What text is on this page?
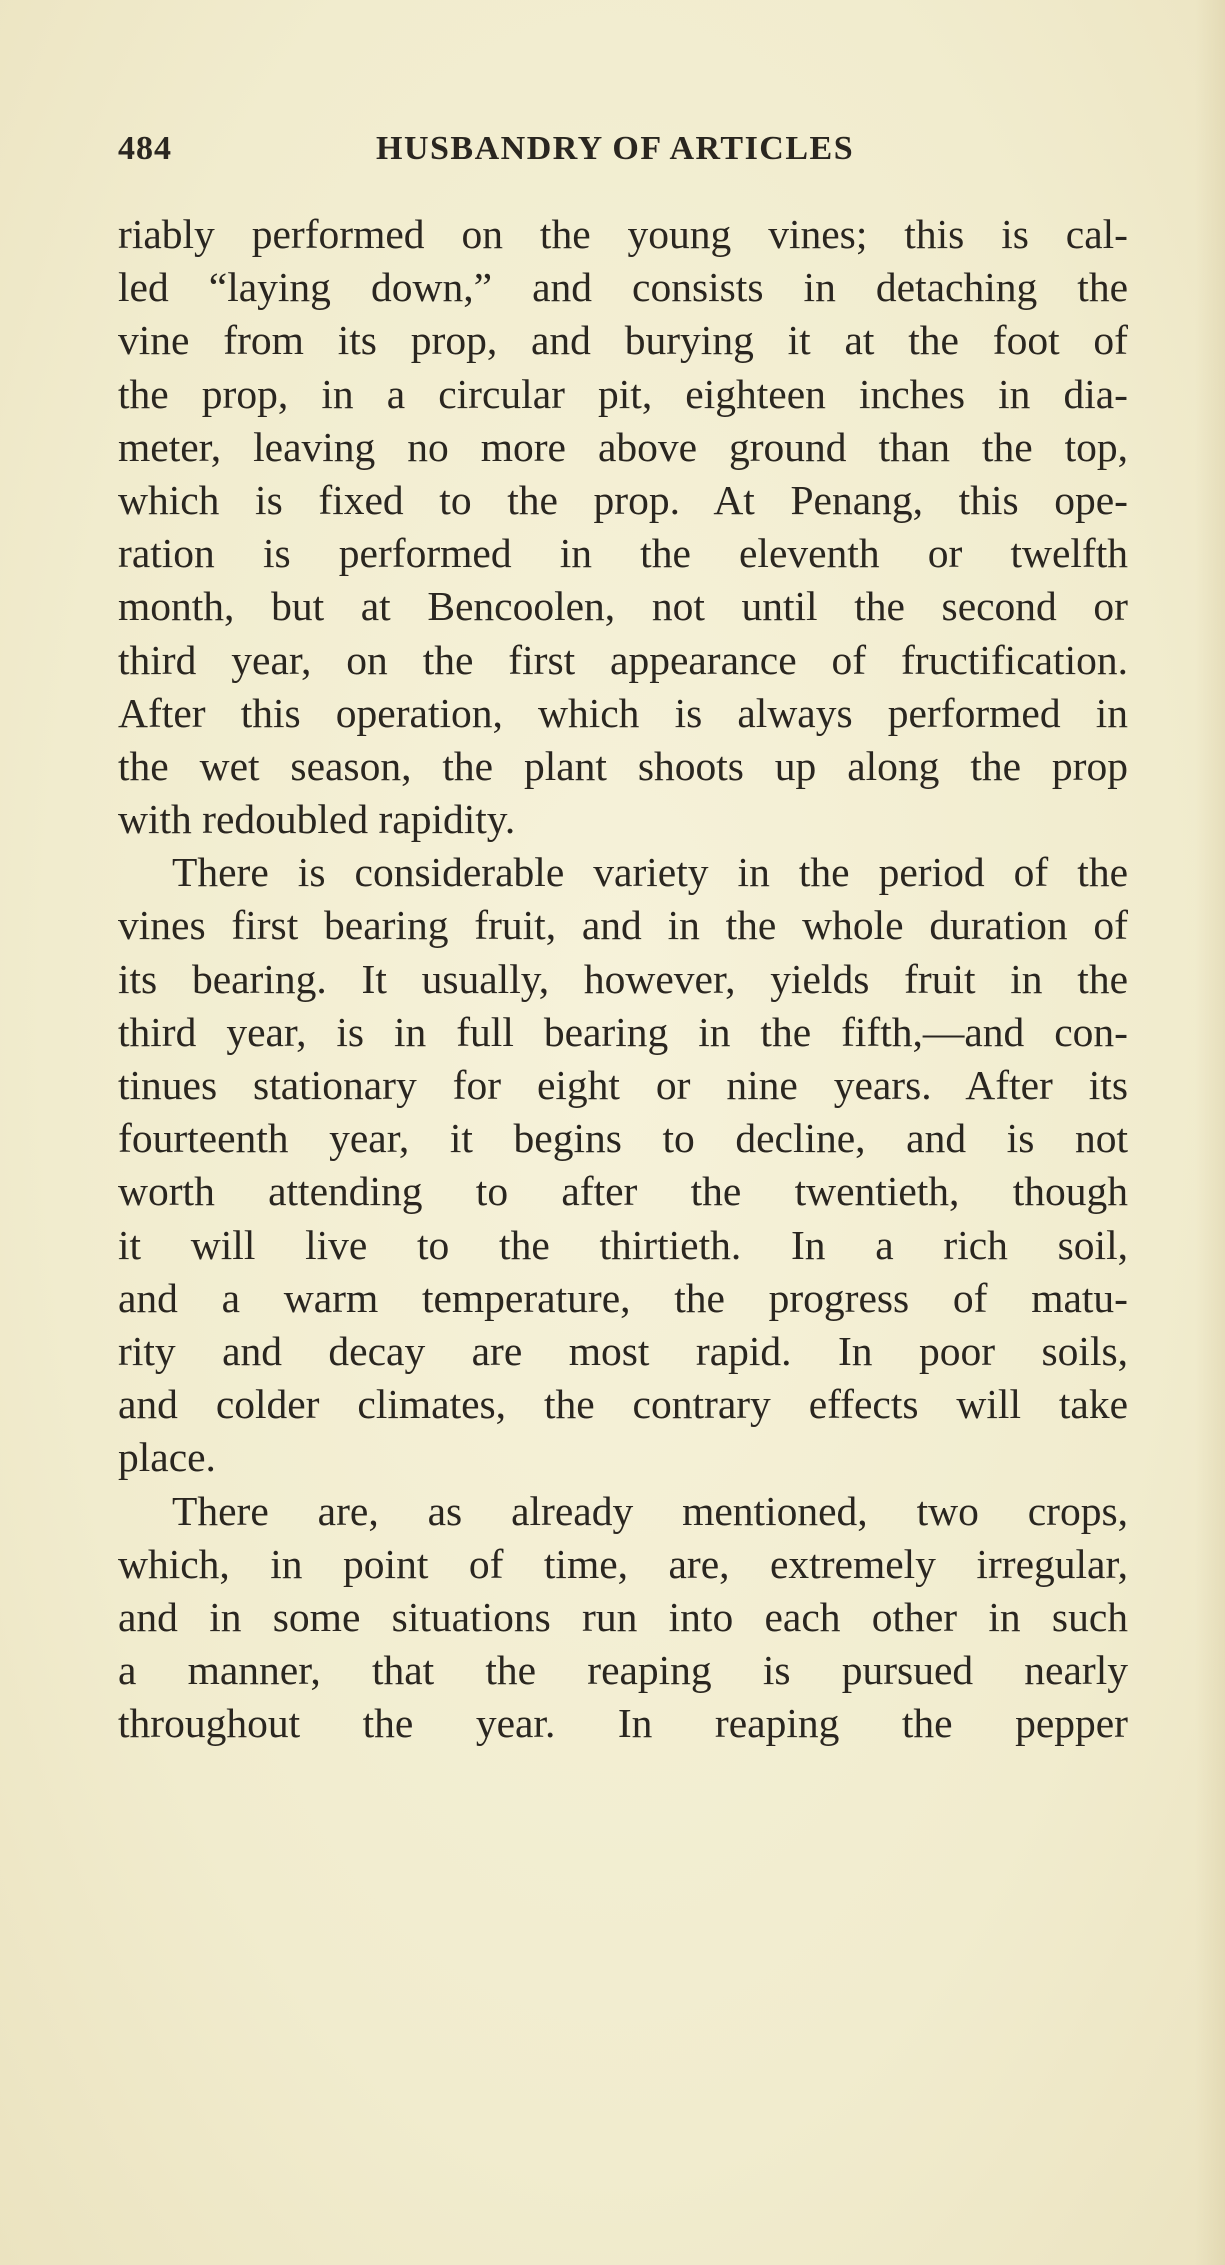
484	HUSBANDRY OF ARTICLES
riably performed on the young vines; this is cal-
led “laying down,” and consists in detaching the
vine from its prop, and burying it at the foot of
the prop, in a circular pit, eighteen inches in dia-
meter, leaving no more above ground than the top,
which is fixed to the prop. At Penang, this ope-
ration is performed in the eleventh or twelfth
month, but at Bencoolen, not until the second or
third year, on the first appearance of fructification.
After this operation, which is always performed in
the wet season, the plant shoots up along the prop
with redoubled rapidity.
There is considerable variety in the period of the
vines first bearing fruit, and in the whole duration of
its bearing. It usually, however, yields fruit in the
third year, is in full bearing in the fifth,—and con-
tinues stationary for eight or nine years. After its
fourteenth year, it begins to decline, and is not
worth attending to after the twentieth, though
it will live to the thirtieth. In a rich soil,
and a warm temperature, the progress of matu-
rity and decay are most rapid. In poor soils,
and colder climates, the contrary effects will take
place.
There are, as already mentioned, two crops,
which, in point of time, are, extremely irregular,
and in some situations run into each other in such
a manner, that the reaping is pursued nearly
throughout the year. In reaping the pepper
